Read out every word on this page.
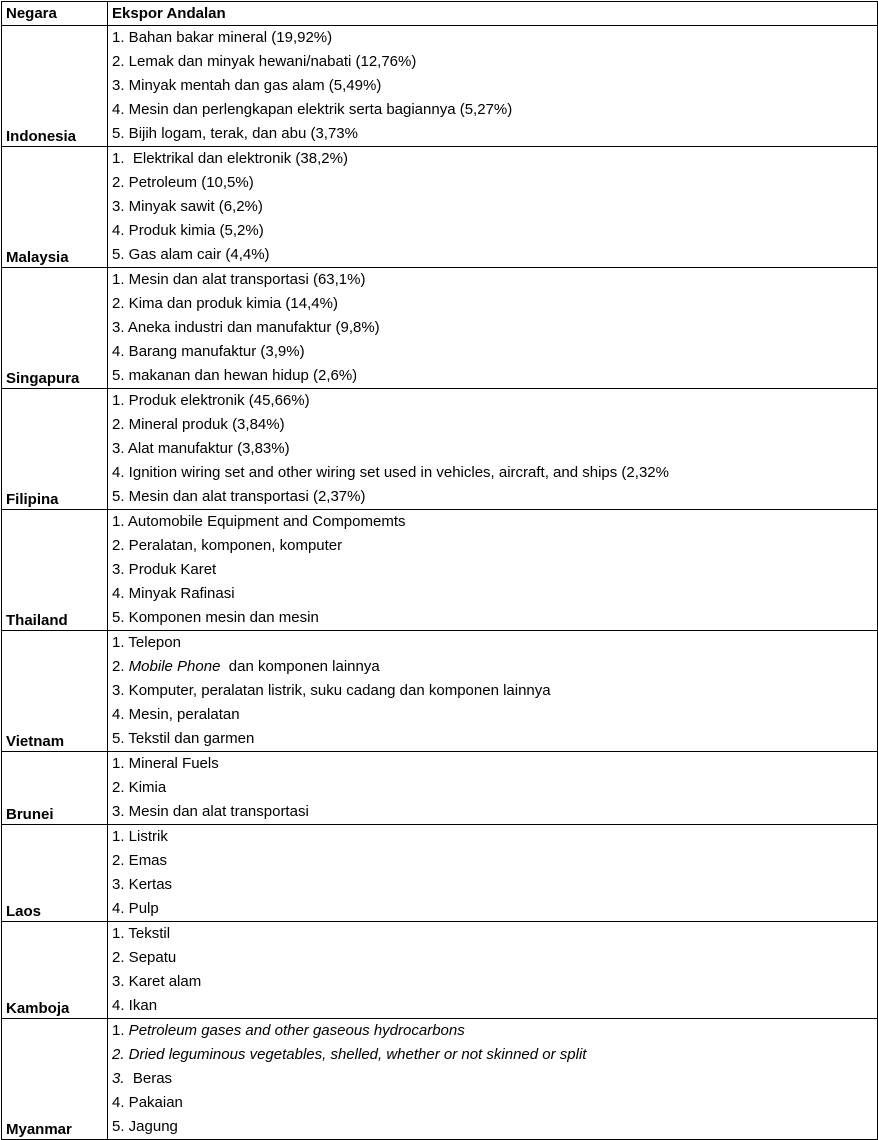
Negara	Ekspor Andalan
Indonesia	1. Bahan bakar mineral (19,92%)
2. Lemak dan minyak hewani/nabati (12,76%)
3. Minyak mentah dan gas alam (5,49%)
4. Mesin dan perlengkapan elektrik serta bagiannya (5,27%)
5. Bijih logam, terak, dan abu (3,73%

Malaysia	1.  Elektrikal dan elektronik (38,2%)
2. Petroleum (10,5%)
3. Minyak sawit (6,2%)
4. Produk kimia (5,2%)
5. Gas alam cair (4,4%)

Singapura	1. Mesin dan alat transportasi (63,1%)
2. Kima dan produk kimia (14,4%)
3. Aneka industri dan manufaktur (9,8%)
4. Barang manufaktur (3,9%)
5. makanan dan hewan hidup (2,6%)

Filipina	1. Produk elektronik (45,66%)
2. Mineral produk (3,84%)
3. Alat manufaktur (3,83%)
4. Ignition wiring set and other wiring set used in vehicles, aircraft, and ships (2,32%
5. Mesin dan alat transportasi (2,37%)

Thailand	1. Automobile Equipment and Compomemts
2. Peralatan, komponen, komputer
3. Produk Karet
4. Minyak Rafinasi
5. Komponen mesin dan mesin

Vietnam	1. Telepon
2. Mobile Phone  dan komponen lainnya
3. Komputer, peralatan listrik, suku cadang dan komponen lainnya
4. Mesin, peralatan
5. Tekstil dan garmen

Brunei	1. Mineral Fuels
2. Kimia
3. Mesin dan alat transportasi

Laos	1. Listrik
2. Emas
3. Kertas
4. Pulp

Kamboja	1. Tekstil
2. Sepatu
3. Karet alam
4. Ikan

Myanmar	1. Petroleum gases and other gaseous hydrocarbons
2. Dried leguminous vegetables, shelled, whether or not skinned or split
3.  Beras
4. Pakaian
5. Jagung
